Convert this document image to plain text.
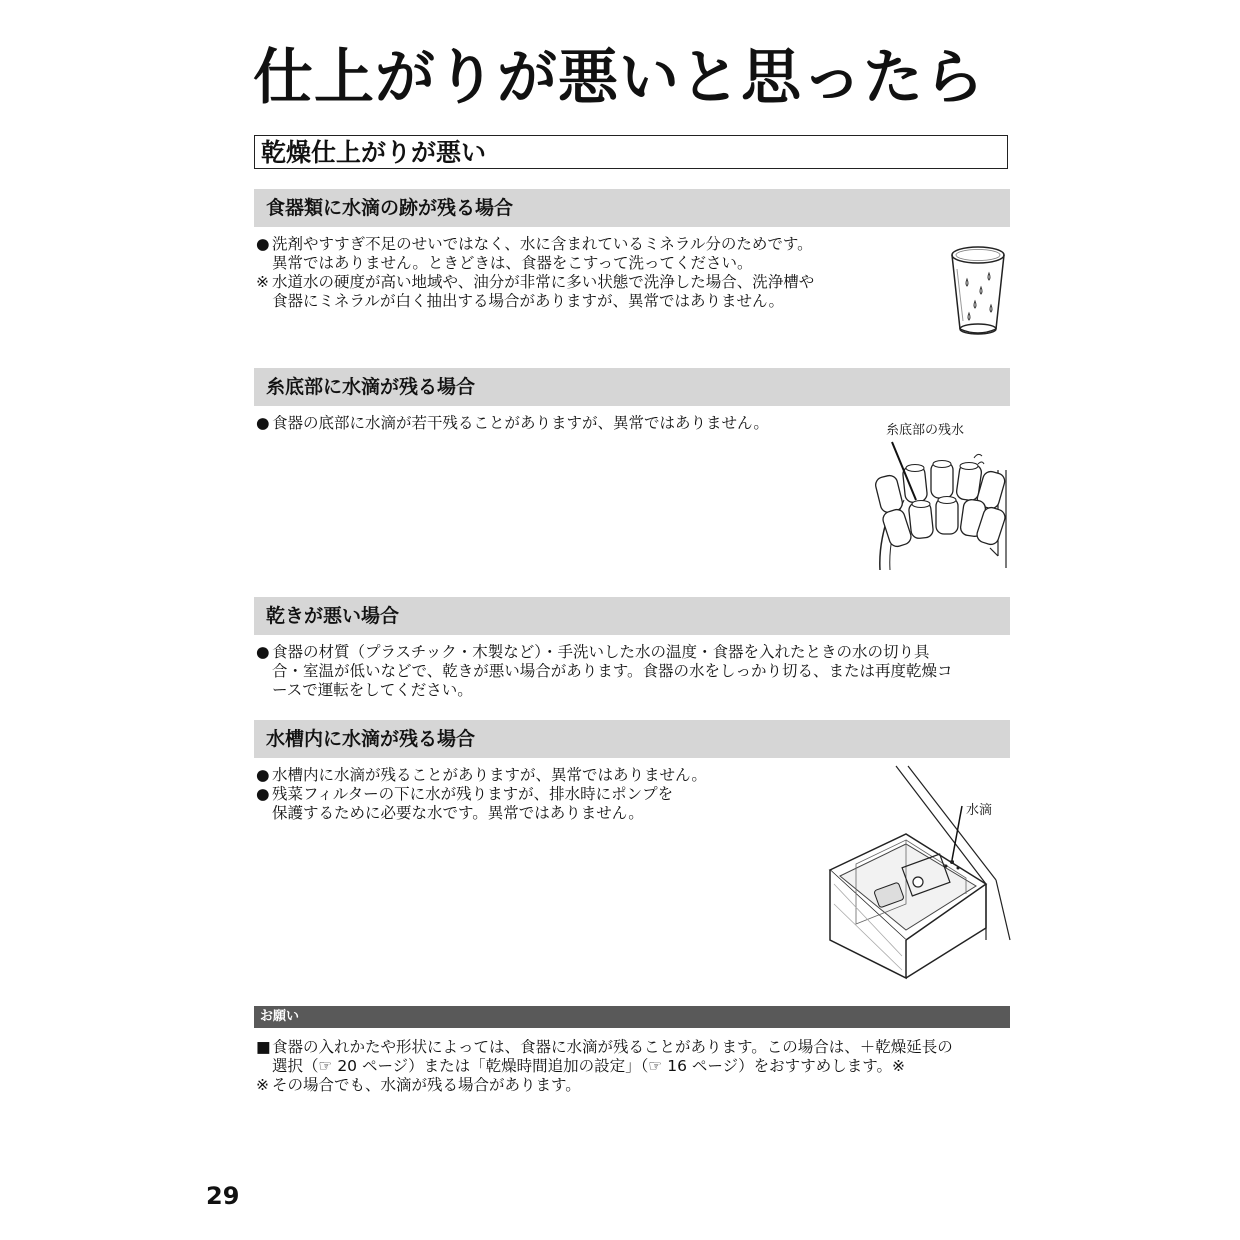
仕上がりが悪いと思ったら
乾燥仕上がりが悪い
食器類に水滴の跡が残る場合
● 洗剤やすすぎ不足のせいではなく、水に含まれているミネラル分のためです。
異常ではありません。ときどきは、食器をこすって洗ってください。
※ 水道水の硬度が高い地域や、油分が非常に多い状態で洗浄した場合、洗浄槽や
食器にミネラルが白く抽出する場合がありますが、異常ではありません。
糸底部に水滴が残る場合
● 食器の底部に水滴が若干残ることがありますが、異常ではありません。	糸底部の残水
乾きが悪い場合
● 食器の材質（プラスチック・木製など）・手洗いした水の温度・食器を入れたときの水の切り具
合・室温が低いなどで、乾きが悪い場合があります。食器の水をしっかり切る、または再度乾燥コ
ースで運転をしてください。
水槽内に水滴が残る場合
● 水槽内に水滴が残ることがありますが、異常ではありません。
● 残菜フィルターの下に水が残りますが、排水時にポンプを
保護するために必要な水です。異常ではありません。	水滴
お願い
■ 食器の入れかたや形状によっては、食器に水滴が残ることがあります。この場合は、＋乾燥延長の
選択（☞ 20 ページ）または「乾燥時間追加の設定」（☞ 16 ページ）をおすすめします。※
※ その場合でも、水滴が残る場合があります。
29
